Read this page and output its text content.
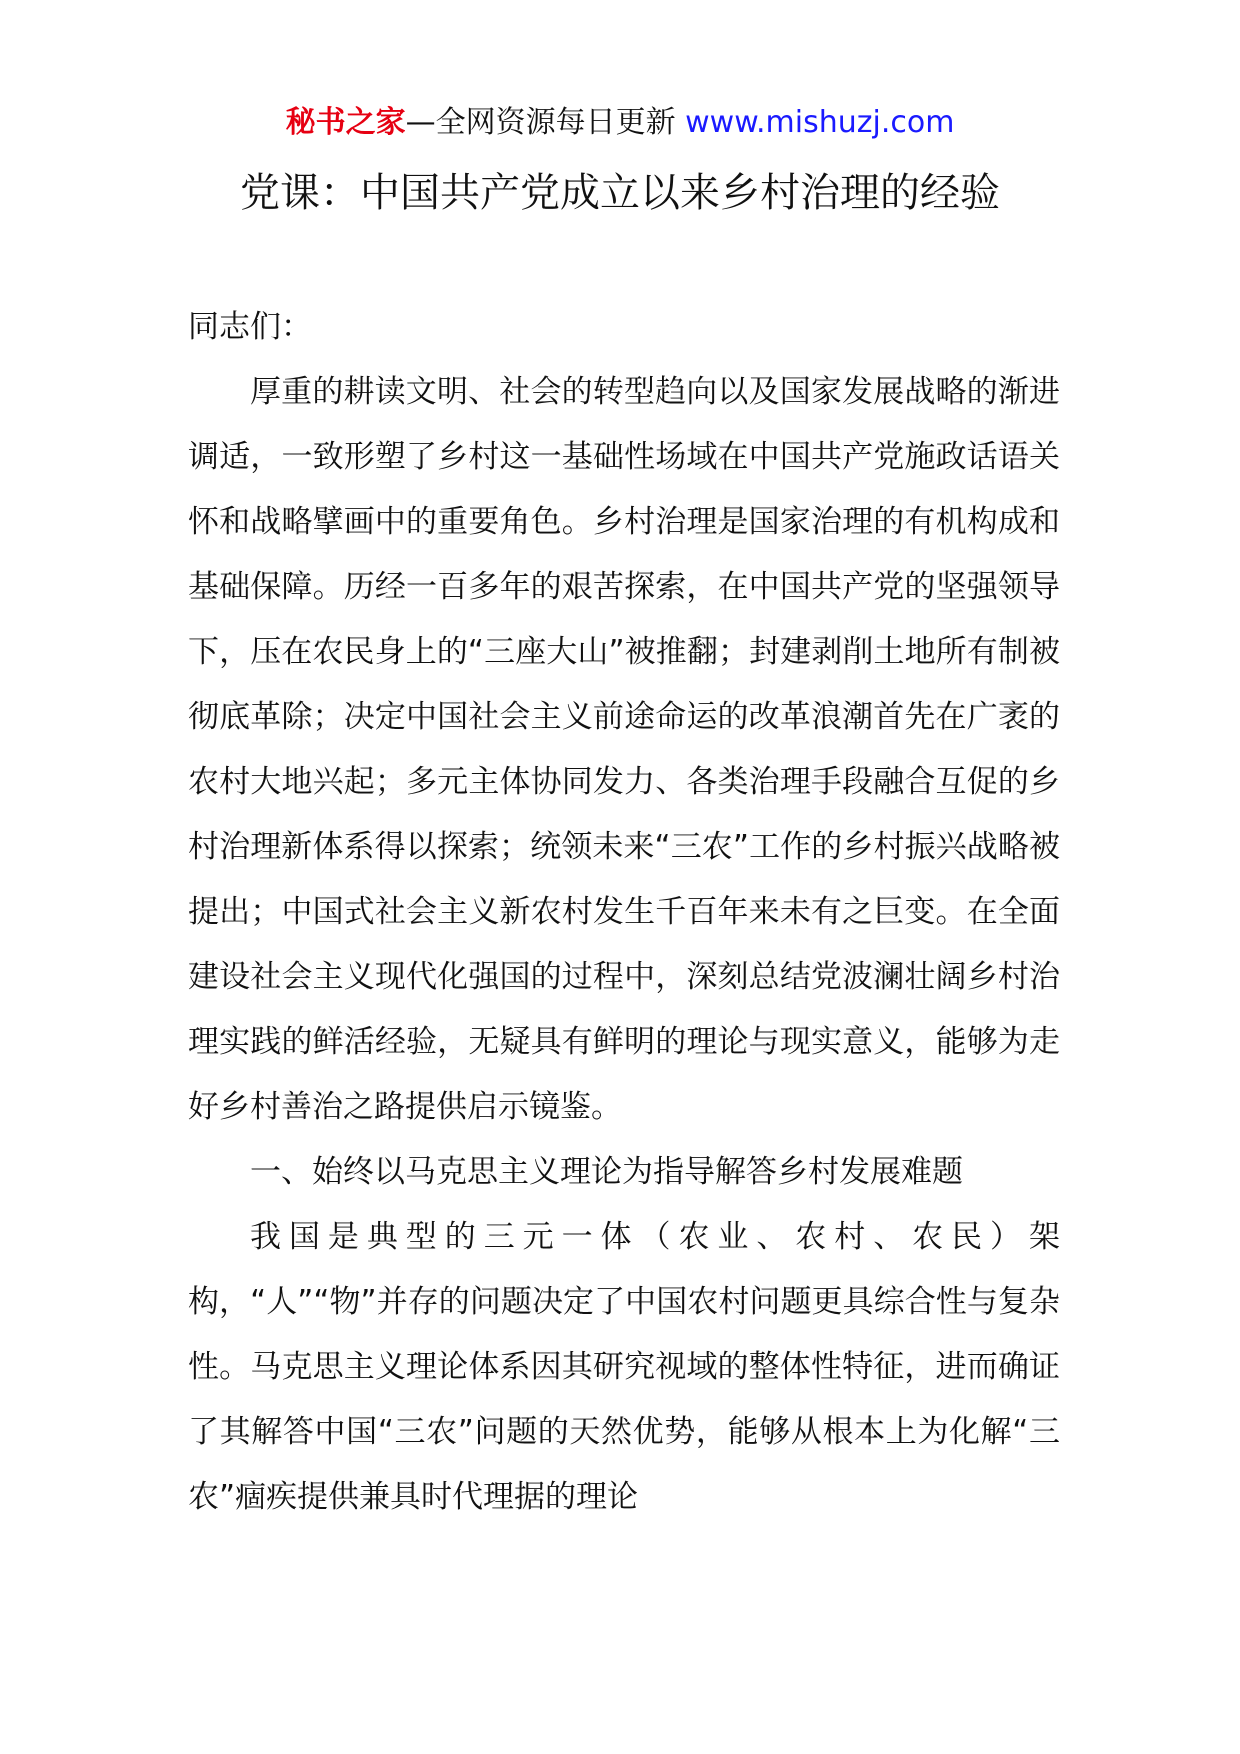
秘书之家—全网资源每日更新 www.mishuzj.com
党课：中国共产党成立以来乡村治理的经验

同志们：

厚重的耕读文明、社会的转型趋向以及国家发展战略的渐进调适，一致形塑了乡村这一基础性场域在中国共产党施政话语关怀和战略擘画中的重要角色。乡村治理是国家治理的有机构成和基础保障。历经一百多年的艰苦探索，在中国共产党的坚强领导下，压在农民身上的“三座大山”被推翻；封建剥削土地所有制被彻底革除；决定中国社会主义前途命运的改革浪潮首先在广袤的农村大地兴起；多元主体协同发力、各类治理手段融合互促的乡村治理新体系得以探索；统领未来“三农”工作的乡村振兴战略被提出；中国式社会主义新农村发生千百年来未有之巨变。在全面建设社会主义现代化强国的过程中，深刻总结党波澜壮阔乡村治理实践的鲜活经验，无疑具有鲜明的理论与现实意义，能够为走好乡村善治之路提供启示镜鉴。

一、始终以马克思主义理论为指导解答乡村发展难题

我国是典型的三元一体（农业、农村、农民）架构，“人”“物”并存的问题决定了中国农村问题更具综合性与复杂性。马克思主义理论体系因其研究视域的整体性特征，进而确证了其解答中国“三农”问题的天然优势，能够从根本上为化解“三农”痼疾提供兼具时代理据的理论
